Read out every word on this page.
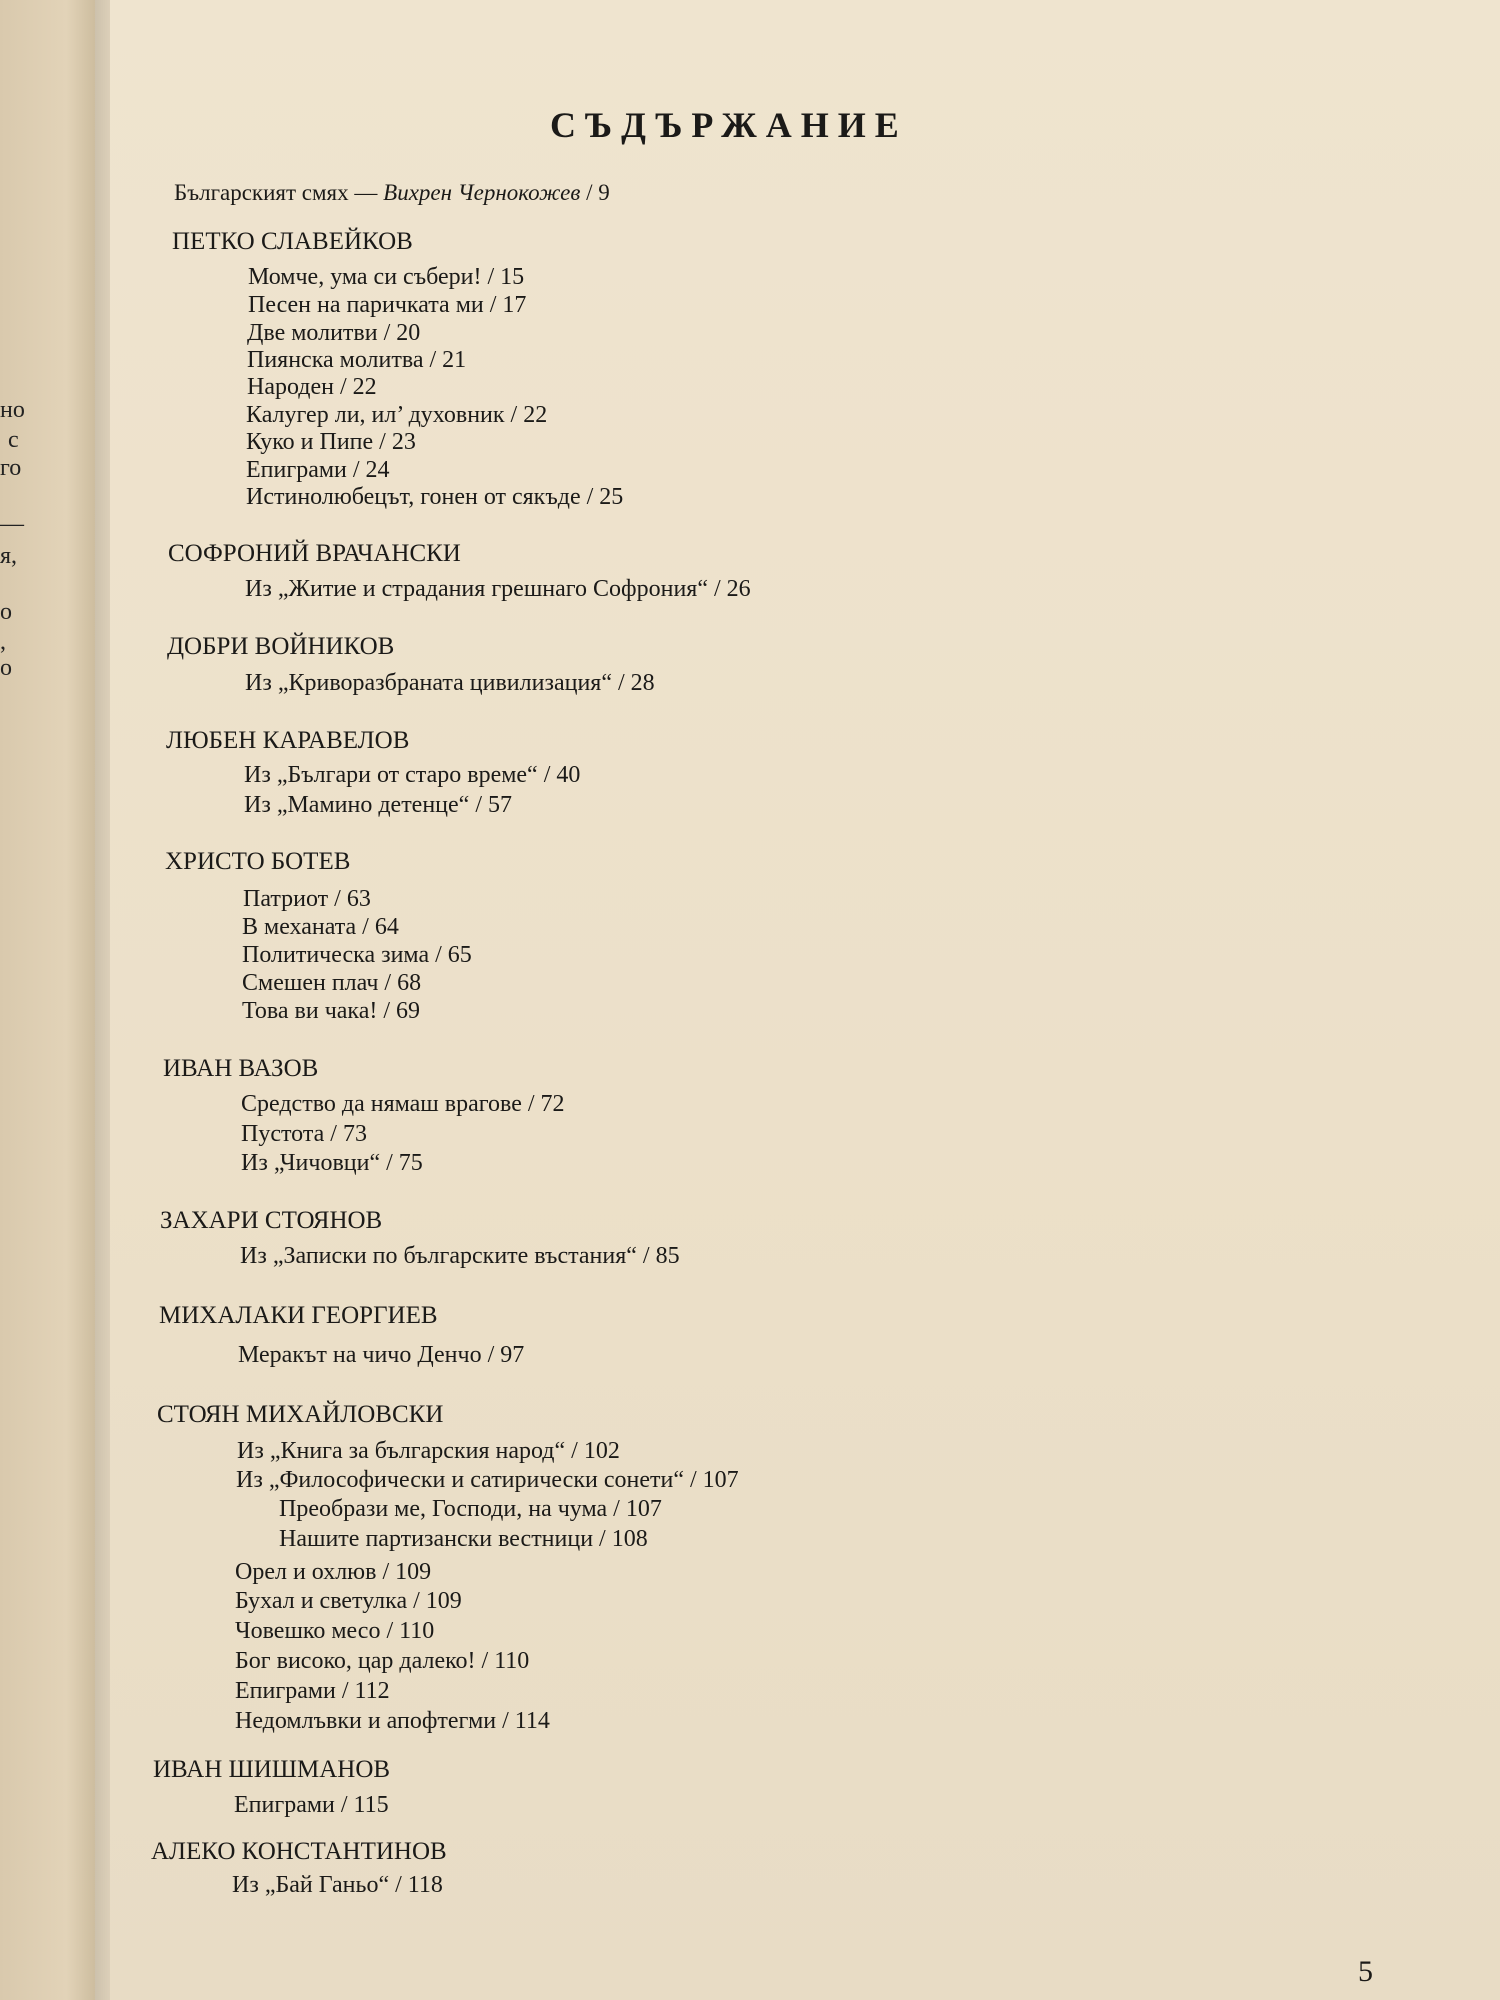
но
с
го
—
я,
о
,
о
СЪДЪРЖАНИЕ
Българският смях — Вихрен Чернокожев / 9
ПЕТКО СЛАВЕЙКОВ
Момче, ума си събери! / 15
Песен на паричката ми / 17
Две молитви / 20
Пиянска молитва / 21
Народен / 22
Калугер ли, ил’ духовник / 22
Куко и Пипе / 23
Епиграми / 24
Истинолюбецът, гонен от сякъде / 25
СОФРОНИЙ ВРАЧАНСКИ
Из „Житие и страдания грешнаго Софрония“ / 26
ДОБРИ ВОЙНИКОВ
Из „Криворазбраната цивилизация“ / 28
ЛЮБЕН КАРАВЕЛОВ
Из „Българи от старо време“ / 40
Из „Мамино детенце“ / 57
ХРИСТО БОТЕВ
Патриот / 63
В механата / 64
Политическа зима / 65
Смешен плач / 68
Това ви чака! / 69
ИВАН ВАЗОВ
Средство да нямаш врагове / 72
Пустота / 73
Из „Чичовци“ / 75
ЗАХАРИ СТОЯНОВ
Из „Записки по българските въстания“ / 85
МИХАЛАКИ ГЕОРГИЕВ
Меракът на чичо Денчо / 97
СТОЯН МИХАЙЛОВСКИ
Из „Книга за българския народ“ / 102
Из „Философически и сатирически сонети“ / 107
Преобрази ме, Господи, на чума / 107
Нашите партизански вестници / 108
Орел и охлюв / 109
Бухал и светулка / 109
Човешко месо / 110
Бог високо, цар далеко! / 110
Епиграми / 112
Недомлъвки и апофтегми / 114
ИВАН ШИШМАНОВ
Епиграми / 115
АЛЕКО КОНСТАНТИНОВ
Из „Бай Ганьо“ / 118
5
